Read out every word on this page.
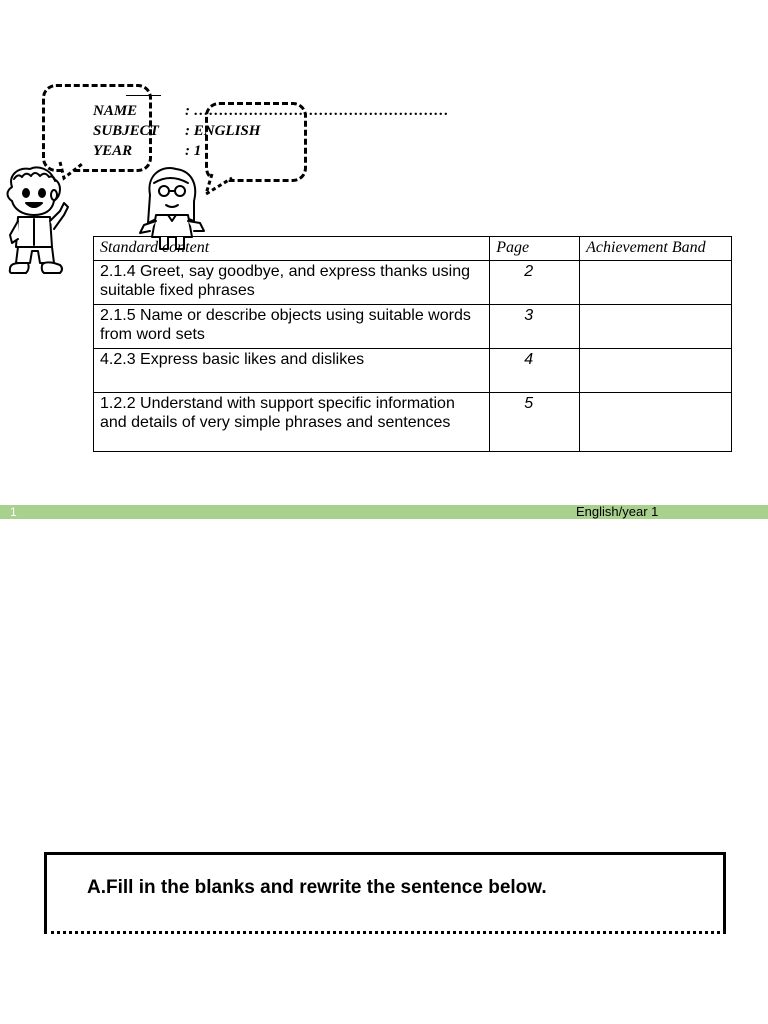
NAME	: ……………………………………………
SUBJECT	: ENGLISH
YEAR	: 1
Standard content	Page	Achievement Band
2.1.4 Greet, say goodbye, and express thanks using suitable fixed phrases	2	
2.1.5 Name or describe objects using suitable words from word sets	3	
4.2.3 Express basic likes and dislikes	4	
1.2.2 Understand with support specific information and details of very simple phrases and sentences	5	
1	English/year 1
A.Fill in the blanks and rewrite the sentence below.
